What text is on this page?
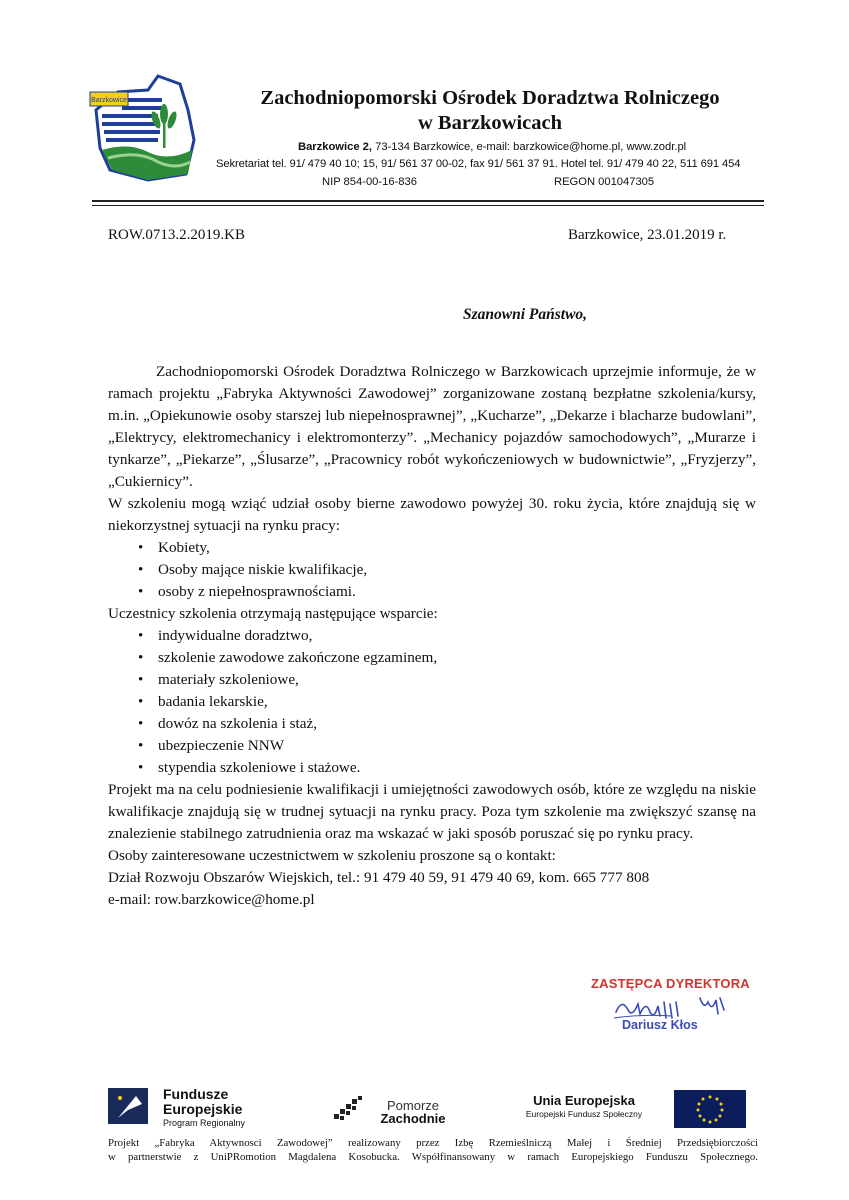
Barzkowice	Zachodniopomorski Ośrodek Doradztwa Rolniczego
w Barzkowicach
Barzkowice 2, 73-134 Barzkowice, e-mail: barzkowice@home.pl, www.zodr.pl
Sekretariat tel. 91/ 479 40 10; 15, 91/ 561 37 00-02, fax 91/ 561 37 91. Hotel tel. 91/ 479 40 22, 511 691 454
NIP 854-00-16-836	REGON 001047305
ROW.0713.2.2019.KB	Barzkowice, 23.01.2019 r.
Szanowni Państwo,

Zachodniopomorski Ośrodek Doradztwa Rolniczego w Barzkowicach uprzejmie informuje, że w ramach projektu „Fabryka Aktywności Zawodowej” zorganizowane zostaną bezpłatne szkolenia/kursy, m.in. „Opiekunowie osoby starszej lub niepełnosprawnej”, „Kucharze”, „Dekarze i blacharze budowlani”, „Elektrycy, elektromechanicy i elektromonterzy”. „Mechanicy pojazdów samochodowych”, „Murarze i tynkarze”, „Piekarze”, „Ślusarze”, „Pracownicy robót wykończeniowych w budownictwie”, „Fryzjerzy”, „Cukiernicy”.

W szkoleniu mogą wziąć udział osoby bierne zawodowo powyżej 30. roku życia, które znajdują się w niekorzystnej sytuacji na rynku pracy:

• Kobiety,
• Osoby mające niskie kwalifikacje,
• osoby z niepełnosprawnościami.

Uczestnicy szkolenia otrzymają następujące wsparcie:

• indywidualne doradztwo,
• szkolenie zawodowe zakończone egzaminem,
• materiały szkoleniowe,
• badania lekarskie,
• dowóz na szkolenia i staż,
• ubezpieczenie NNW
• stypendia szkoleniowe i stażowe.

Projekt ma na celu podniesienie kwalifikacji i umiejętności zawodowych osób, które ze względu na niskie kwalifikacje znajdują się w trudnej sytuacji na rynku pracy. Poza tym szkolenie ma zwiększyć szansę na znalezienie stabilnego zatrudnienia oraz ma wskazać w jaki sposób poruszać się po rynku pracy.

Osoby zainteresowane uczestnictwem w szkoleniu proszone są o kontakt:

Dział Rozwoju Obszarów Wiejskich, tel.: 91 479 40 59, 91 479 40 69, kom. 665 777 808

e-mail: row.barzkowice@home.pl

ZASTĘPCA DYREKTORA
Dariusz Kłos
Fundusze
Europejskie
Program Regionalny
Pomorze
Zachodnie
Unia Europejska
Europejski Fundusz Społeczny
Projekt „Fabryka Aktywnosci Zawodowej” realizowany przez Izbę Rzemieślniczą Małej i Średniej Przedsiębiorczości
w partnerstwie z UniPRomotion Magdalena Kosobucka. Współfinansowany w ramach Europejskiego Funduszu Społecznego.
